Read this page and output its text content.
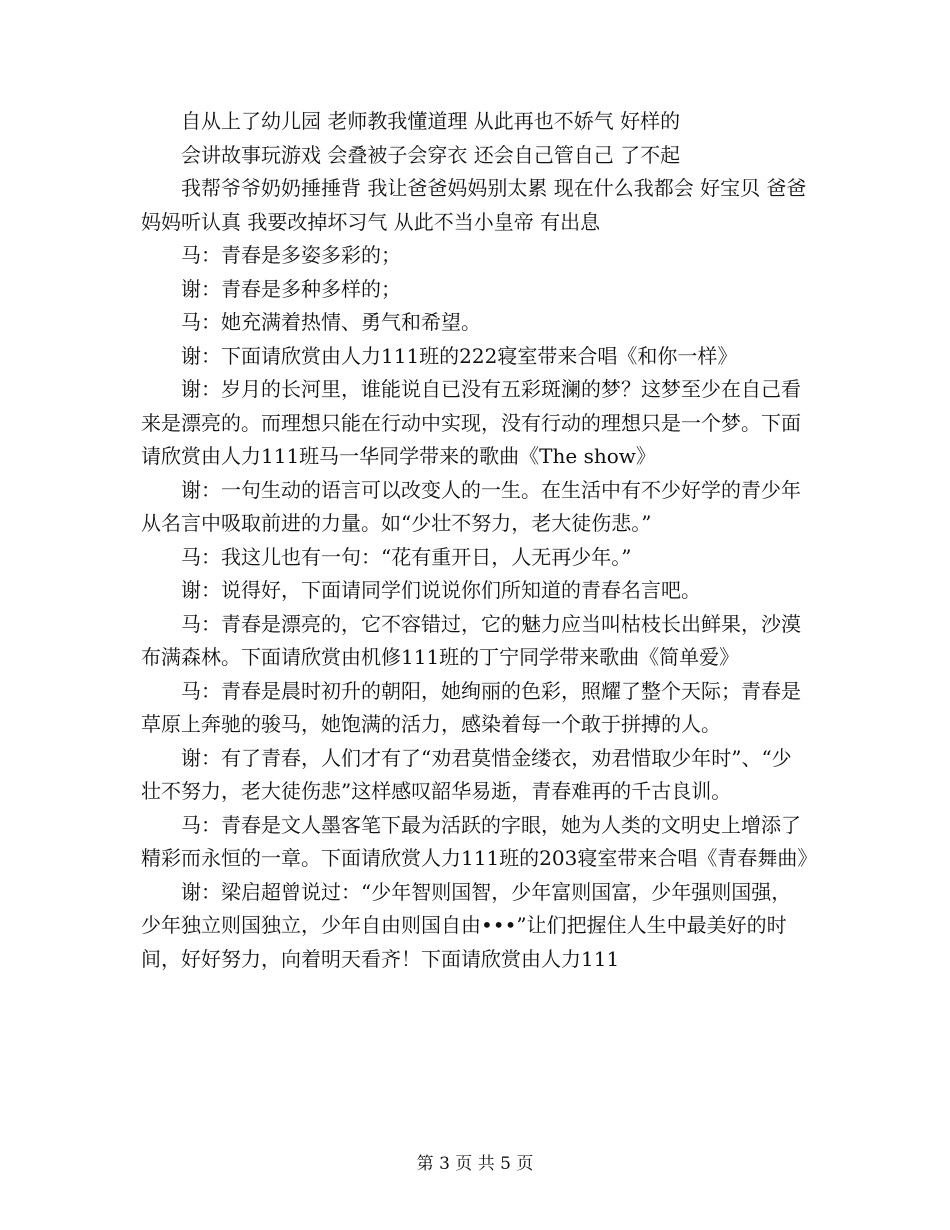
自从上了幼儿园 老师教我懂道理 从此再也不娇气 好样的

会讲故事玩游戏 会叠被子会穿衣 还会自己管自己 了不起

我帮爷爷奶奶捶捶背 我让爸爸妈妈别太累 现在什么我都会 好宝贝 爸爸妈妈听认真 我要改掉坏习气 从此不当小皇帝 有出息

马：青春是多姿多彩的；

谢：青春是多种多样的；

马：她充满着热情、勇气和希望。

谢：下面请欣赏由人力111班的222寝室带来合唱《和你一样》

谢：岁月的长河里，谁能说自已没有五彩斑澜的梦？这梦至少在自己看来是漂亮的。而理想只能在行动中实现，没有行动的理想只是一个梦。下面请欣赏由人力111班马一华同学带来的歌曲《The show》

谢：一句生动的语言可以改变人的一生。在生活中有不少好学的青少年从名言中吸取前进的力量。如“少壮不努力，老大徒伤悲。”

马：我这儿也有一句：“花有重开日，人无再少年。”

谢：说得好，下面请同学们说说你们所知道的青春名言吧。

马：青春是漂亮的，它不容错过，它的魅力应当叫枯枝长出鲜果，沙漠布满森林。下面请欣赏由机修111班的丁宁同学带来歌曲《简单爱》

马：青春是晨时初升的朝阳，她绚丽的色彩，照耀了整个天际；青春是草原上奔驰的骏马，她饱满的活力，感染着每一个敢于拼搏的人。

谢：有了青春，人们才有了“劝君莫惜金缕衣，劝君惜取少年时”、“少壮不努力，老大徒伤悲”这样感叹韶华易逝，青春难再的千古良训。

马：青春是文人墨客笔下最为活跃的字眼，她为人类的文明史上增添了精彩而永恒的一章。下面请欣赏人力111班的203寝室带来合唱《青春舞曲》

谢：梁启超曾说过：“少年智则国智，少年富则国富，少年强则国强，少年独立则国独立，少年自由则国自由•••”让们把握住人生中最美好的时间，好好努力，向着明天看齐！下面请欣赏由人力111

第 3 页 共 5 页
